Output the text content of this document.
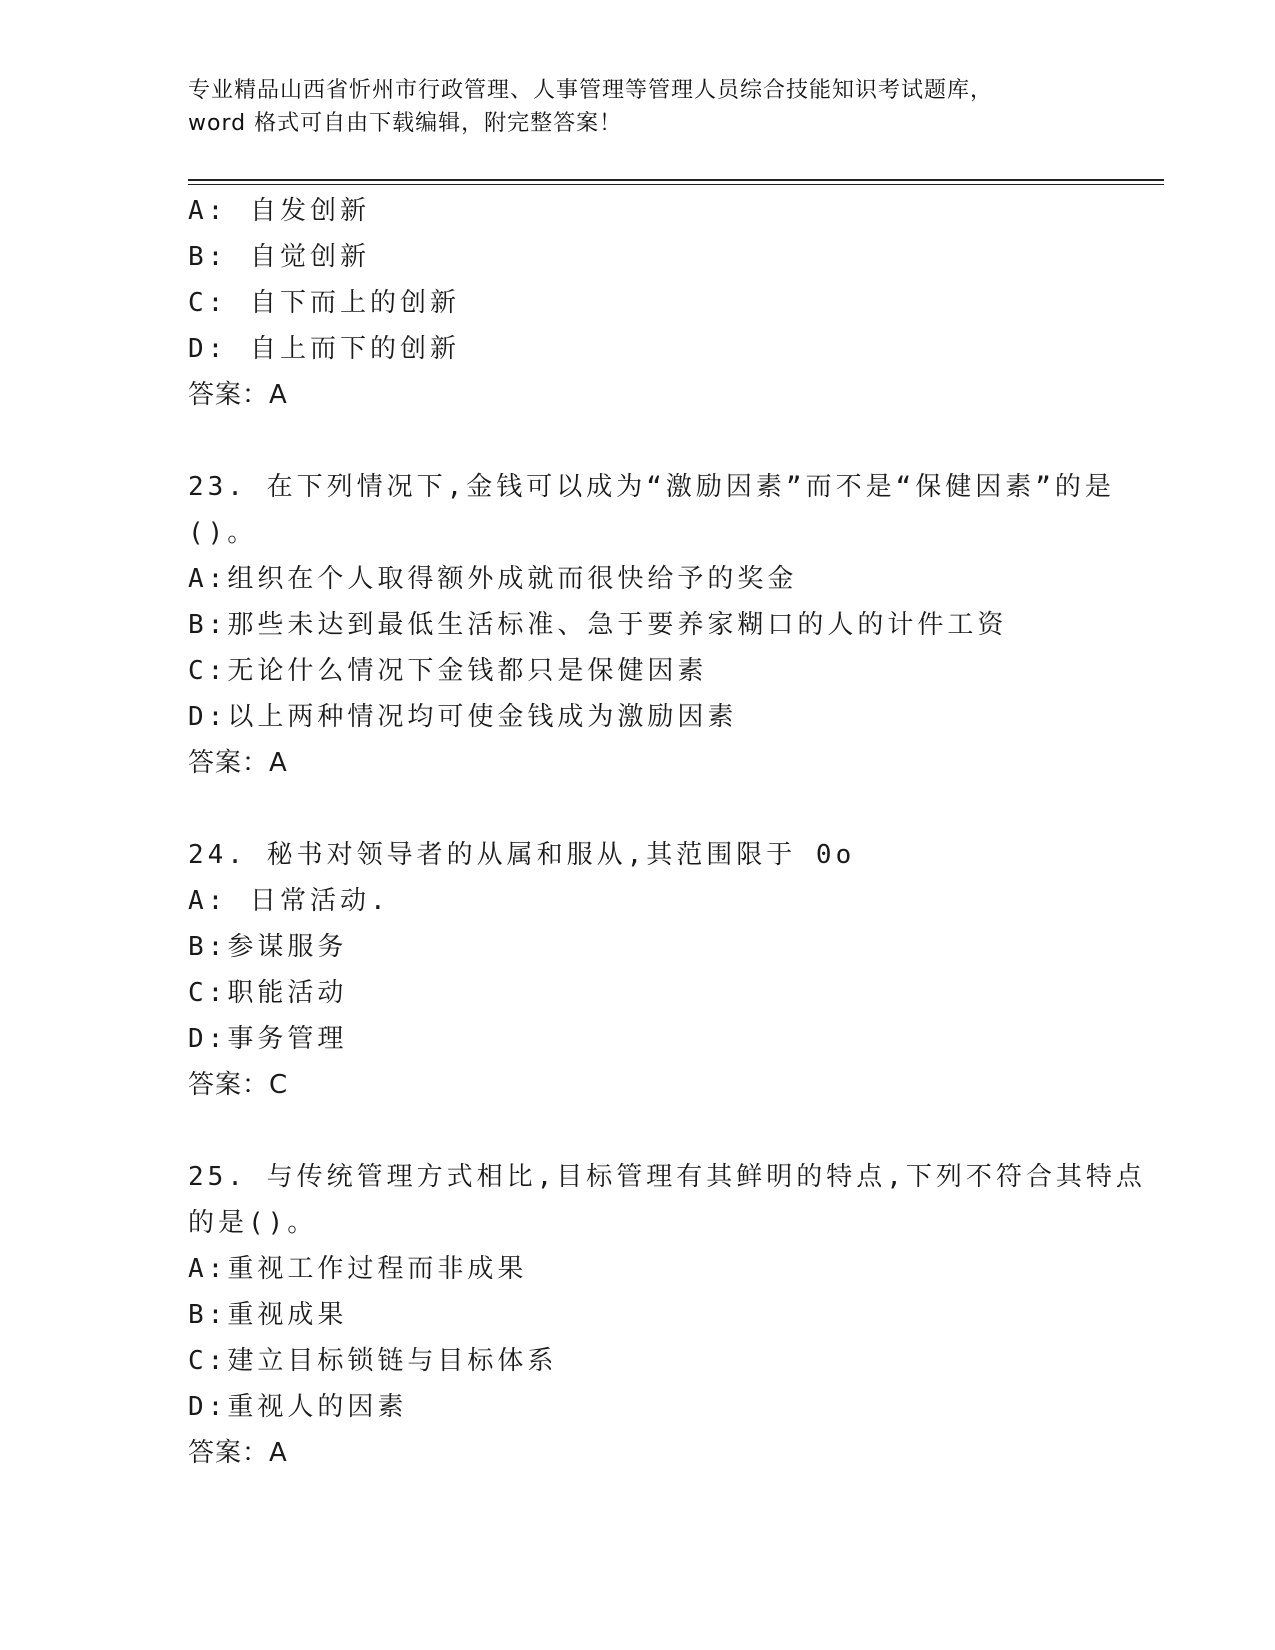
专业精品山西省忻州市行政管理、人事管理等管理人员综合技能知识考试题库，
word 格式可自由下载编辑，附完整答案！
A: 自发创新
B: 自觉创新
C: 自下而上的创新
D: 自上而下的创新
答案：A
23. 在下列情况下,金钱可以成为“激励因素”而不是“保健因素”的是()。
A:组织在个人取得额外成就而很快给予的奖金
B:那些未达到最低生活标准、急于要养家糊口的人的计件工资
C:无论什么情况下金钱都只是保健因素
D:以上两种情况均可使金钱成为激励因素
答案：A
24. 秘书对领导者的从属和服从,其范围限于 0o
A: 日常活动.
B:参谋服务
C:职能活动
D:事务管理
答案：C
25. 与传统管理方式相比,目标管理有其鲜明的特点,下列不符合其特点的是()。
A:重视工作过程而非成果
B:重视成果
C:建立目标锁链与目标体系
D:重视人的因素
答案：A
